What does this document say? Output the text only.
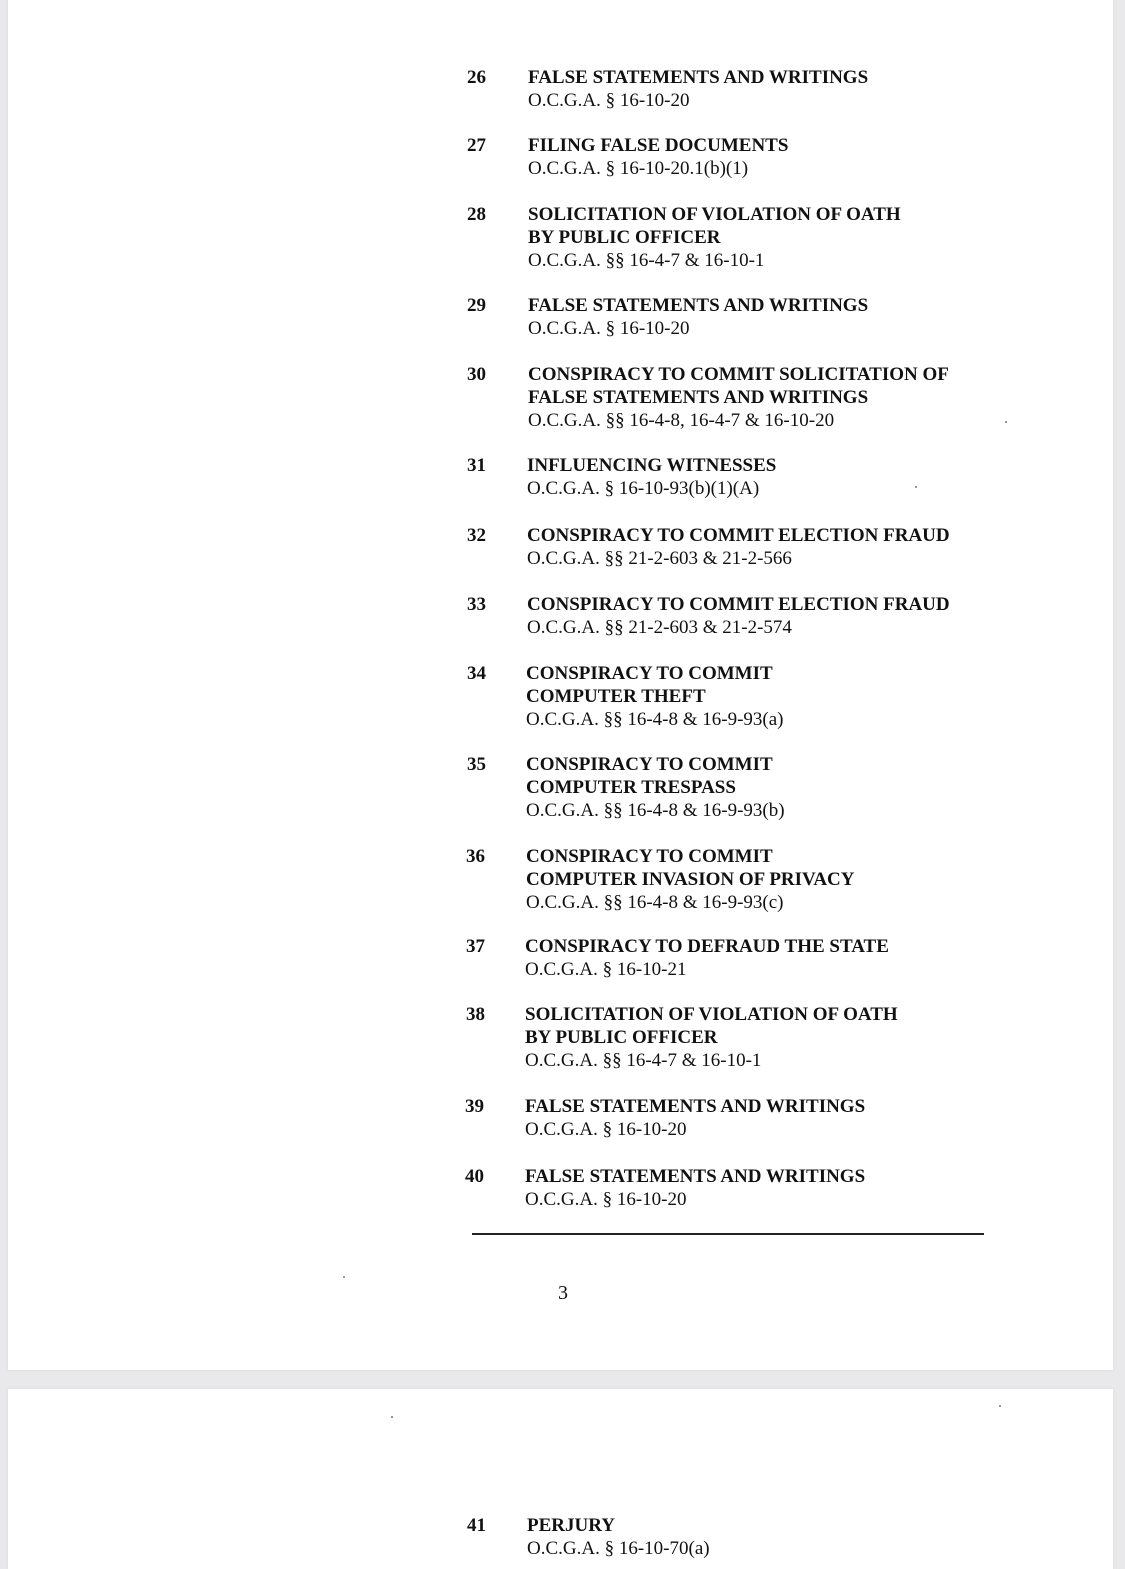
26 FALSE STATEMENTS AND WRITINGS
O.C.G.A. § 16-10-20
27 FILING FALSE DOCUMENTS
O.C.G.A. § 16-10-20.1(b)(1)
28 SOLICITATION OF VIOLATION OF OATH
BY PUBLIC OFFICER
O.C.G.A. §§ 16-4-7 & 16-10-1
29 FALSE STATEMENTS AND WRITINGS
O.C.G.A. § 16-10-20
30 CONSPIRACY TO COMMIT SOLICITATION OF
FALSE STATEMENTS AND WRITINGS
O.C.G.A. §§ 16-4-8, 16-4-7 & 16-10-20
31 INFLUENCING WITNESSES
O.C.G.A. § 16-10-93(b)(1)(A)
32 CONSPIRACY TO COMMIT ELECTION FRAUD
O.C.G.A. §§ 21-2-603 & 21-2-566
33 CONSPIRACY TO COMMIT ELECTION FRAUD
O.C.G.A. §§ 21-2-603 & 21-2-574
34 CONSPIRACY TO COMMIT
COMPUTER THEFT
O.C.G.A. §§ 16-4-8 & 16-9-93(a)
35 CONSPIRACY TO COMMIT
COMPUTER TRESPASS
O.C.G.A. §§ 16-4-8 & 16-9-93(b)
36 CONSPIRACY TO COMMIT
COMPUTER INVASION OF PRIVACY
O.C.G.A. §§ 16-4-8 & 16-9-93(c)
37 CONSPIRACY TO DEFRAUD THE STATE
O.C.G.A. § 16-10-21
38 SOLICITATION OF VIOLATION OF OATH
BY PUBLIC OFFICER
O.C.G.A. §§ 16-4-7 & 16-10-1
39 FALSE STATEMENTS AND WRITINGS
O.C.G.A. § 16-10-20
40 FALSE STATEMENTS AND WRITINGS
O.C.G.A. § 16-10-20
3
41 PERJURY
O.C.G.A. § 16-10-70(a)
